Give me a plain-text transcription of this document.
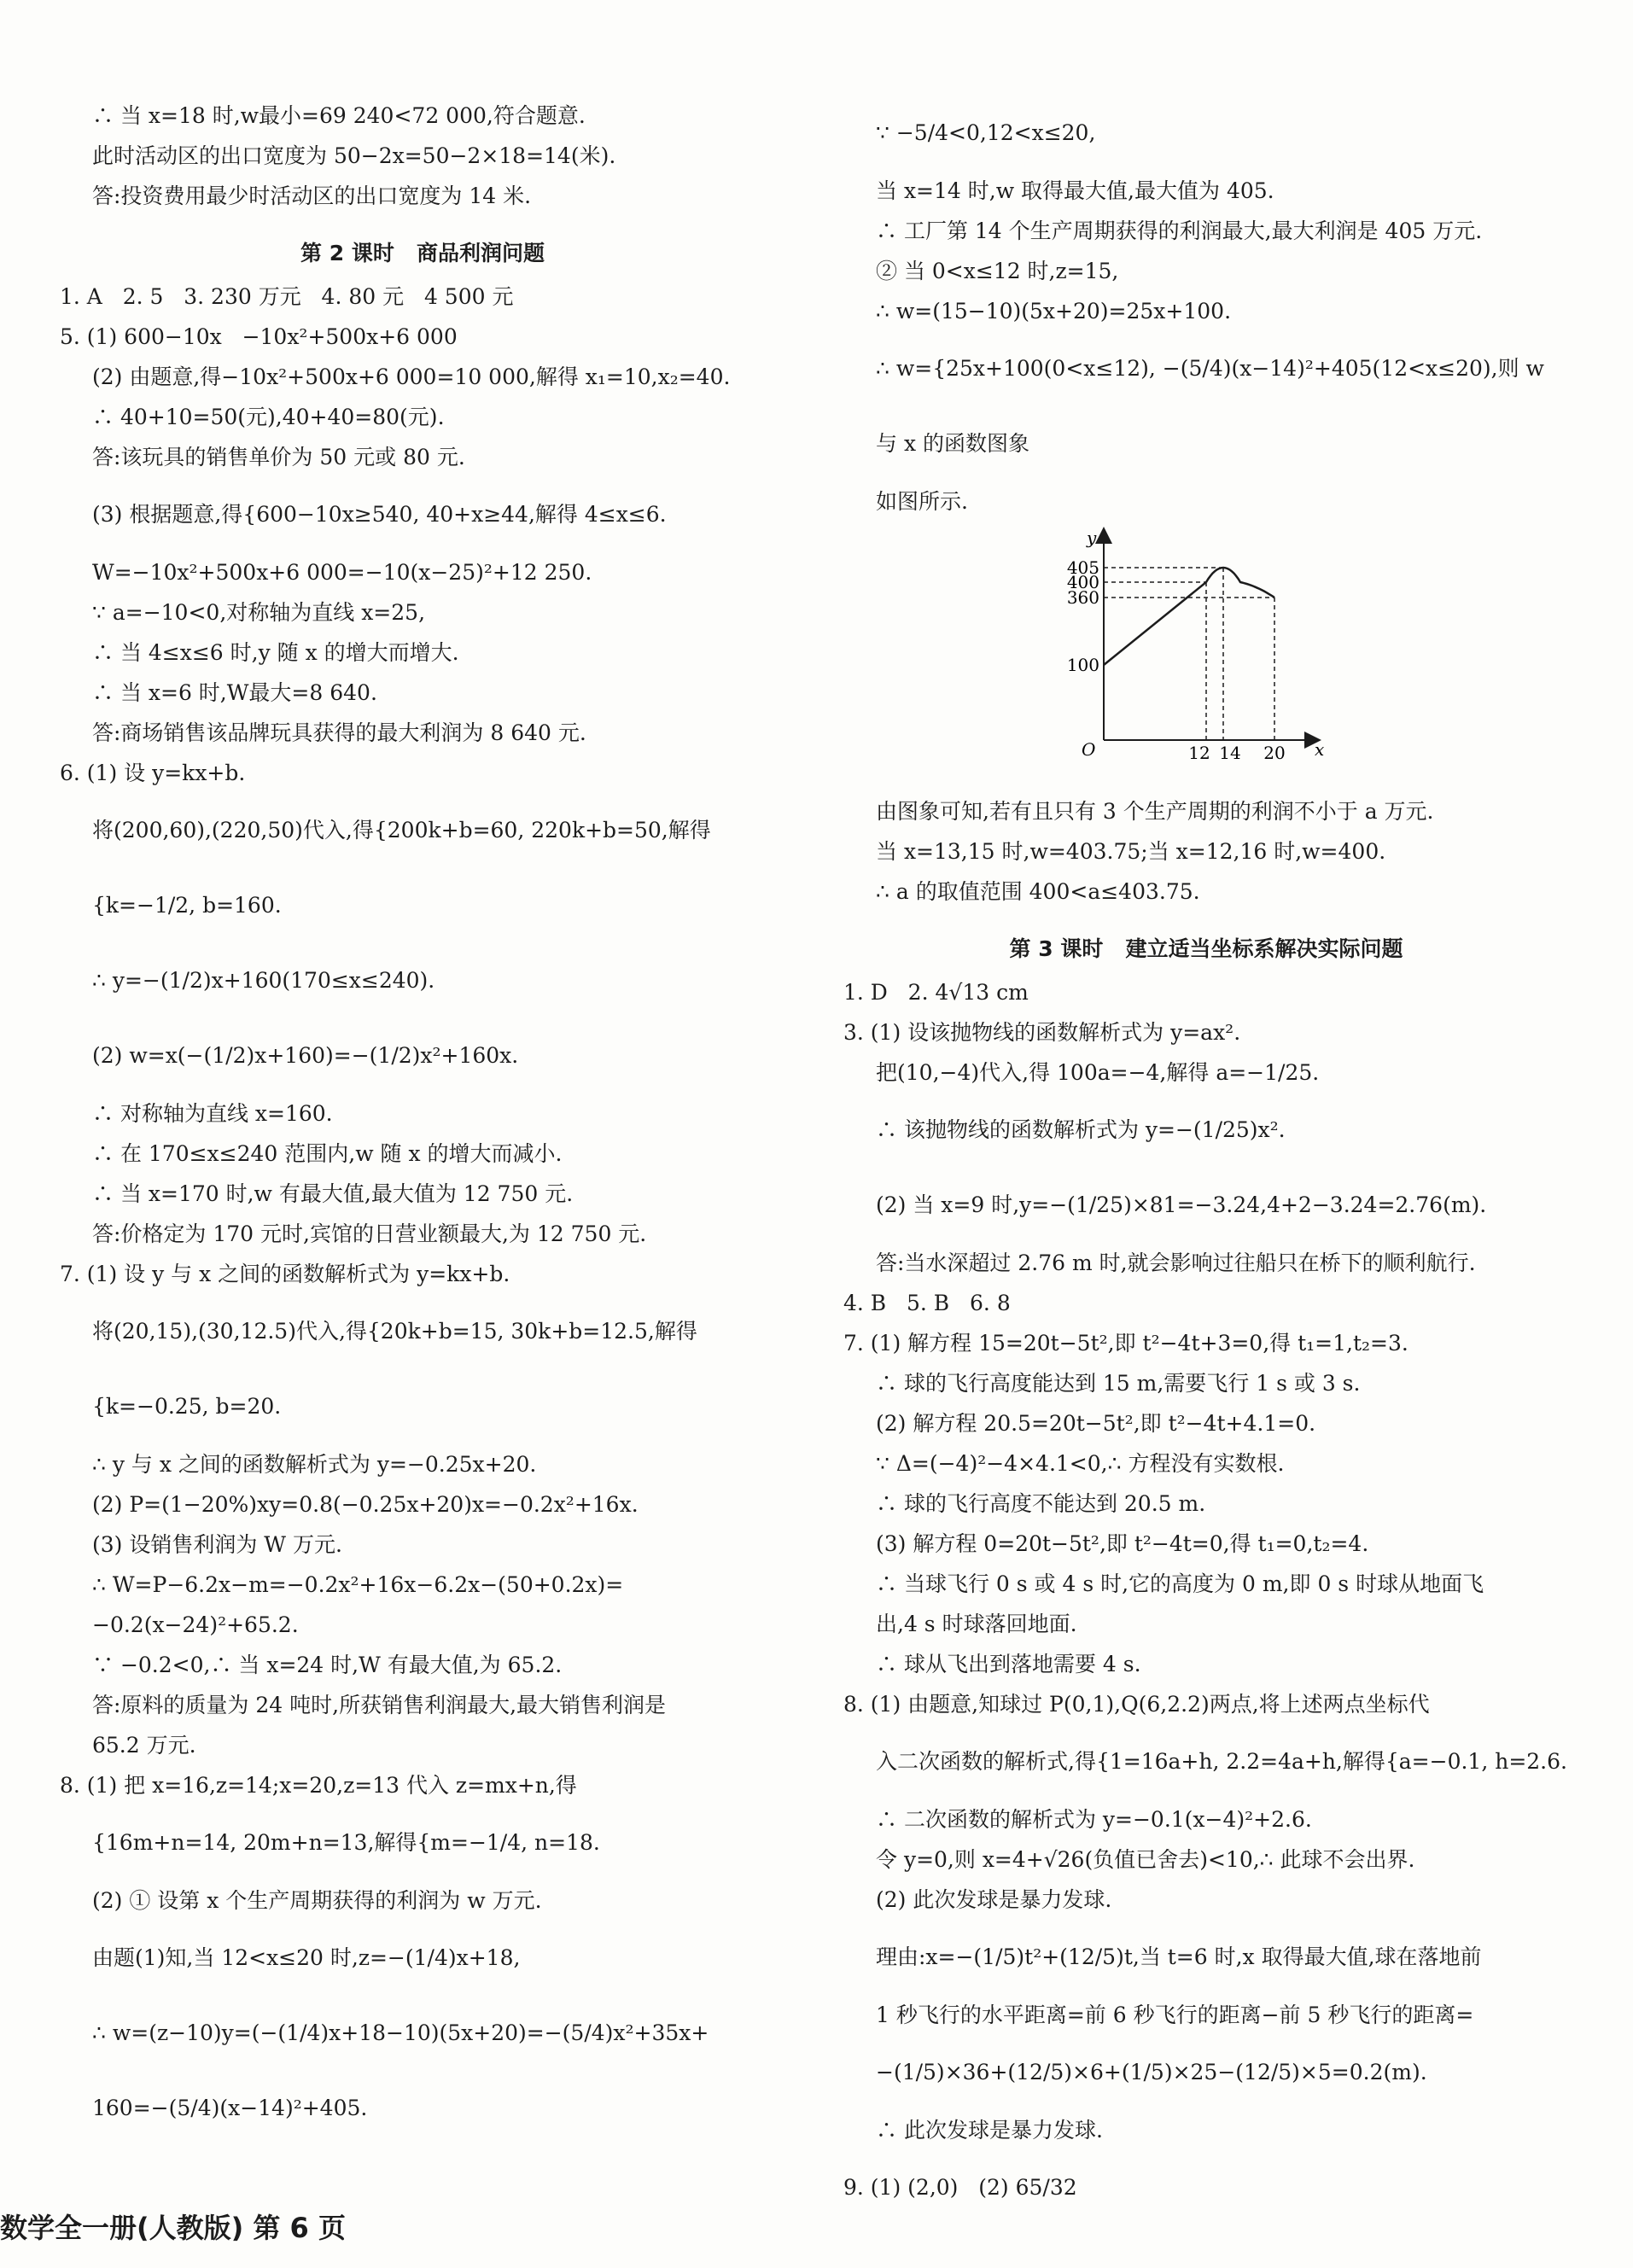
∴ 当 x=18 时,w最小=69 240<72 000,符合题意.
此时活动区的出口宽度为 50−2x=50−2×18=14(米).
答:投资费用最少时活动区的出口宽度为 14 米.
第 2 课时   商品利润问题
1. A   2. 5   3. 230 万元   4. 80 元   4 500 元
5. (1) 600−10x   −10x²+500x+6 000
(2) 由题意,得−10x²+500x+6 000=10 000,解得 x₁=10,x₂=40.
∴ 40+10=50(元),40+40=80(元).
答:该玩具的销售单价为 50 元或 80 元.
(3) 根据题意,得{600−10x≥540, 40+x≥44,解得 4≤x≤6.
W=−10x²+500x+6 000=−10(x−25)²+12 250.
∵ a=−10<0,对称轴为直线 x=25,
∴ 当 4≤x≤6 时,y 随 x 的增大而增大.
∴ 当 x=6 时,W最大=8 640.
答:商场销售该品牌玩具获得的最大利润为 8 640 元.
6. (1) 设 y=kx+b.
将(200,60),(220,50)代入,得{200k+b=60, 220k+b=50,解得{k=−1/2, b=160.
∴ y=−(1/2)x+160(170≤x≤240).
(2) w=x(−(1/2)x+160)=−(1/2)x²+160x.
∴ 对称轴为直线 x=160.
∴ 在 170≤x≤240 范围内,w 随 x 的增大而减小.
∴ 当 x=170 时,w 有最大值,最大值为 12 750 元.
答:价格定为 170 元时,宾馆的日营业额最大,为 12 750 元.
7. (1) 设 y 与 x 之间的函数解析式为 y=kx+b.
将(20,15),(30,12.5)代入,得{20k+b=15, 30k+b=12.5,解得
{k=−0.25, b=20.
∴ y 与 x 之间的函数解析式为 y=−0.25x+20.
(2) P=(1−20%)xy=0.8(−0.25x+20)x=−0.2x²+16x.
(3) 设销售利润为 W 万元.
∴ W=P−6.2x−m=−0.2x²+16x−6.2x−(50+0.2x)=
−0.2(x−24)²+65.2.
∵ −0.2<0,∴ 当 x=24 时,W 有最大值,为 65.2.
答:原料的质量为 24 吨时,所获销售利润最大,最大销售利润是
65.2 万元.
8. (1) 把 x=16,z=14;x=20,z=13 代入 z=mx+n,得
{16m+n=14, 20m+n=13,解得{m=−1/4, n=18.
(2) ① 设第 x 个生产周期获得的利润为 w 万元.
由题(1)知,当 12<x≤20 时,z=−(1/4)x+18,
∴ w=(z−10)y=(−(1/4)x+18−10)(5x+20)=−(5/4)x²+35x+
160=−(5/4)(x−14)²+405.
∵ −5/4<0,12<x≤20,
当 x=14 时,w 取得最大值,最大值为 405.
∴ 工厂第 14 个生产周期获得的利润最大,最大利润是 405 万元.
② 当 0<x≤12 时,z=15,
∴ w=(15−10)(5x+20)=25x+100.
∴ w={25x+100(0<x≤12), −(5/4)(x−14)²+405(12<x≤20),则 w 与 x 的函数图象
如图所示.
y
x
O
405
400
360
100
12 14 20
由图象可知,若有且只有 3 个生产周期的利润不小于 a 万元.
当 x=13,15 时,w=403.75;当 x=12,16 时,w=400.
∴ a 的取值范围 400<a≤403.75.
第 3 课时   建立适当坐标系解决实际问题
1. D   2. 4√13 cm
3. (1) 设该抛物线的函数解析式为 y=ax².
把(10,−4)代入,得 100a=−4,解得 a=−1/25.
∴ 该抛物线的函数解析式为 y=−(1/25)x².
(2) 当 x=9 时,y=−(1/25)×81=−3.24,4+2−3.24=2.76(m).
答:当水深超过 2.76 m 时,就会影响过往船只在桥下的顺利航行.
4. B   5. B   6. 8
7. (1) 解方程 15=20t−5t²,即 t²−4t+3=0,得 t₁=1,t₂=3.
∴ 球的飞行高度能达到 15 m,需要飞行 1 s 或 3 s.
(2) 解方程 20.5=20t−5t²,即 t²−4t+4.1=0.
∵ Δ=(−4)²−4×4.1<0,∴ 方程没有实数根.
∴ 球的飞行高度不能达到 20.5 m.
(3) 解方程 0=20t−5t²,即 t²−4t=0,得 t₁=0,t₂=4.
∴ 当球飞行 0 s 或 4 s 时,它的高度为 0 m,即 0 s 时球从地面飞
出,4 s 时球落回地面.
∴ 球从飞出到落地需要 4 s.
8. (1) 由题意,知球过 P(0,1),Q(6,2.2)两点,将上述两点坐标代
入二次函数的解析式,得{1=16a+h, 2.2=4a+h,解得{a=−0.1, h=2.6.
∴ 二次函数的解析式为 y=−0.1(x−4)²+2.6.
令 y=0,则 x=4+√26(负值已舍去)<10,∴ 此球不会出界.
(2) 此次发球是暴力发球.
理由:x=−(1/5)t²+(12/5)t,当 t=6 时,x 取得最大值,球在落地前
1 秒飞行的水平距离=前 6 秒飞行的距离−前 5 秒飞行的距离=
−(1/5)×36+(12/5)×6+(1/5)×25−(12/5)×5=0.2(m).
∴ 此次发球是暴力发球.
9. (1) (2,0)   (2) 65/32
数学全一册(人教版) 第 6 页
